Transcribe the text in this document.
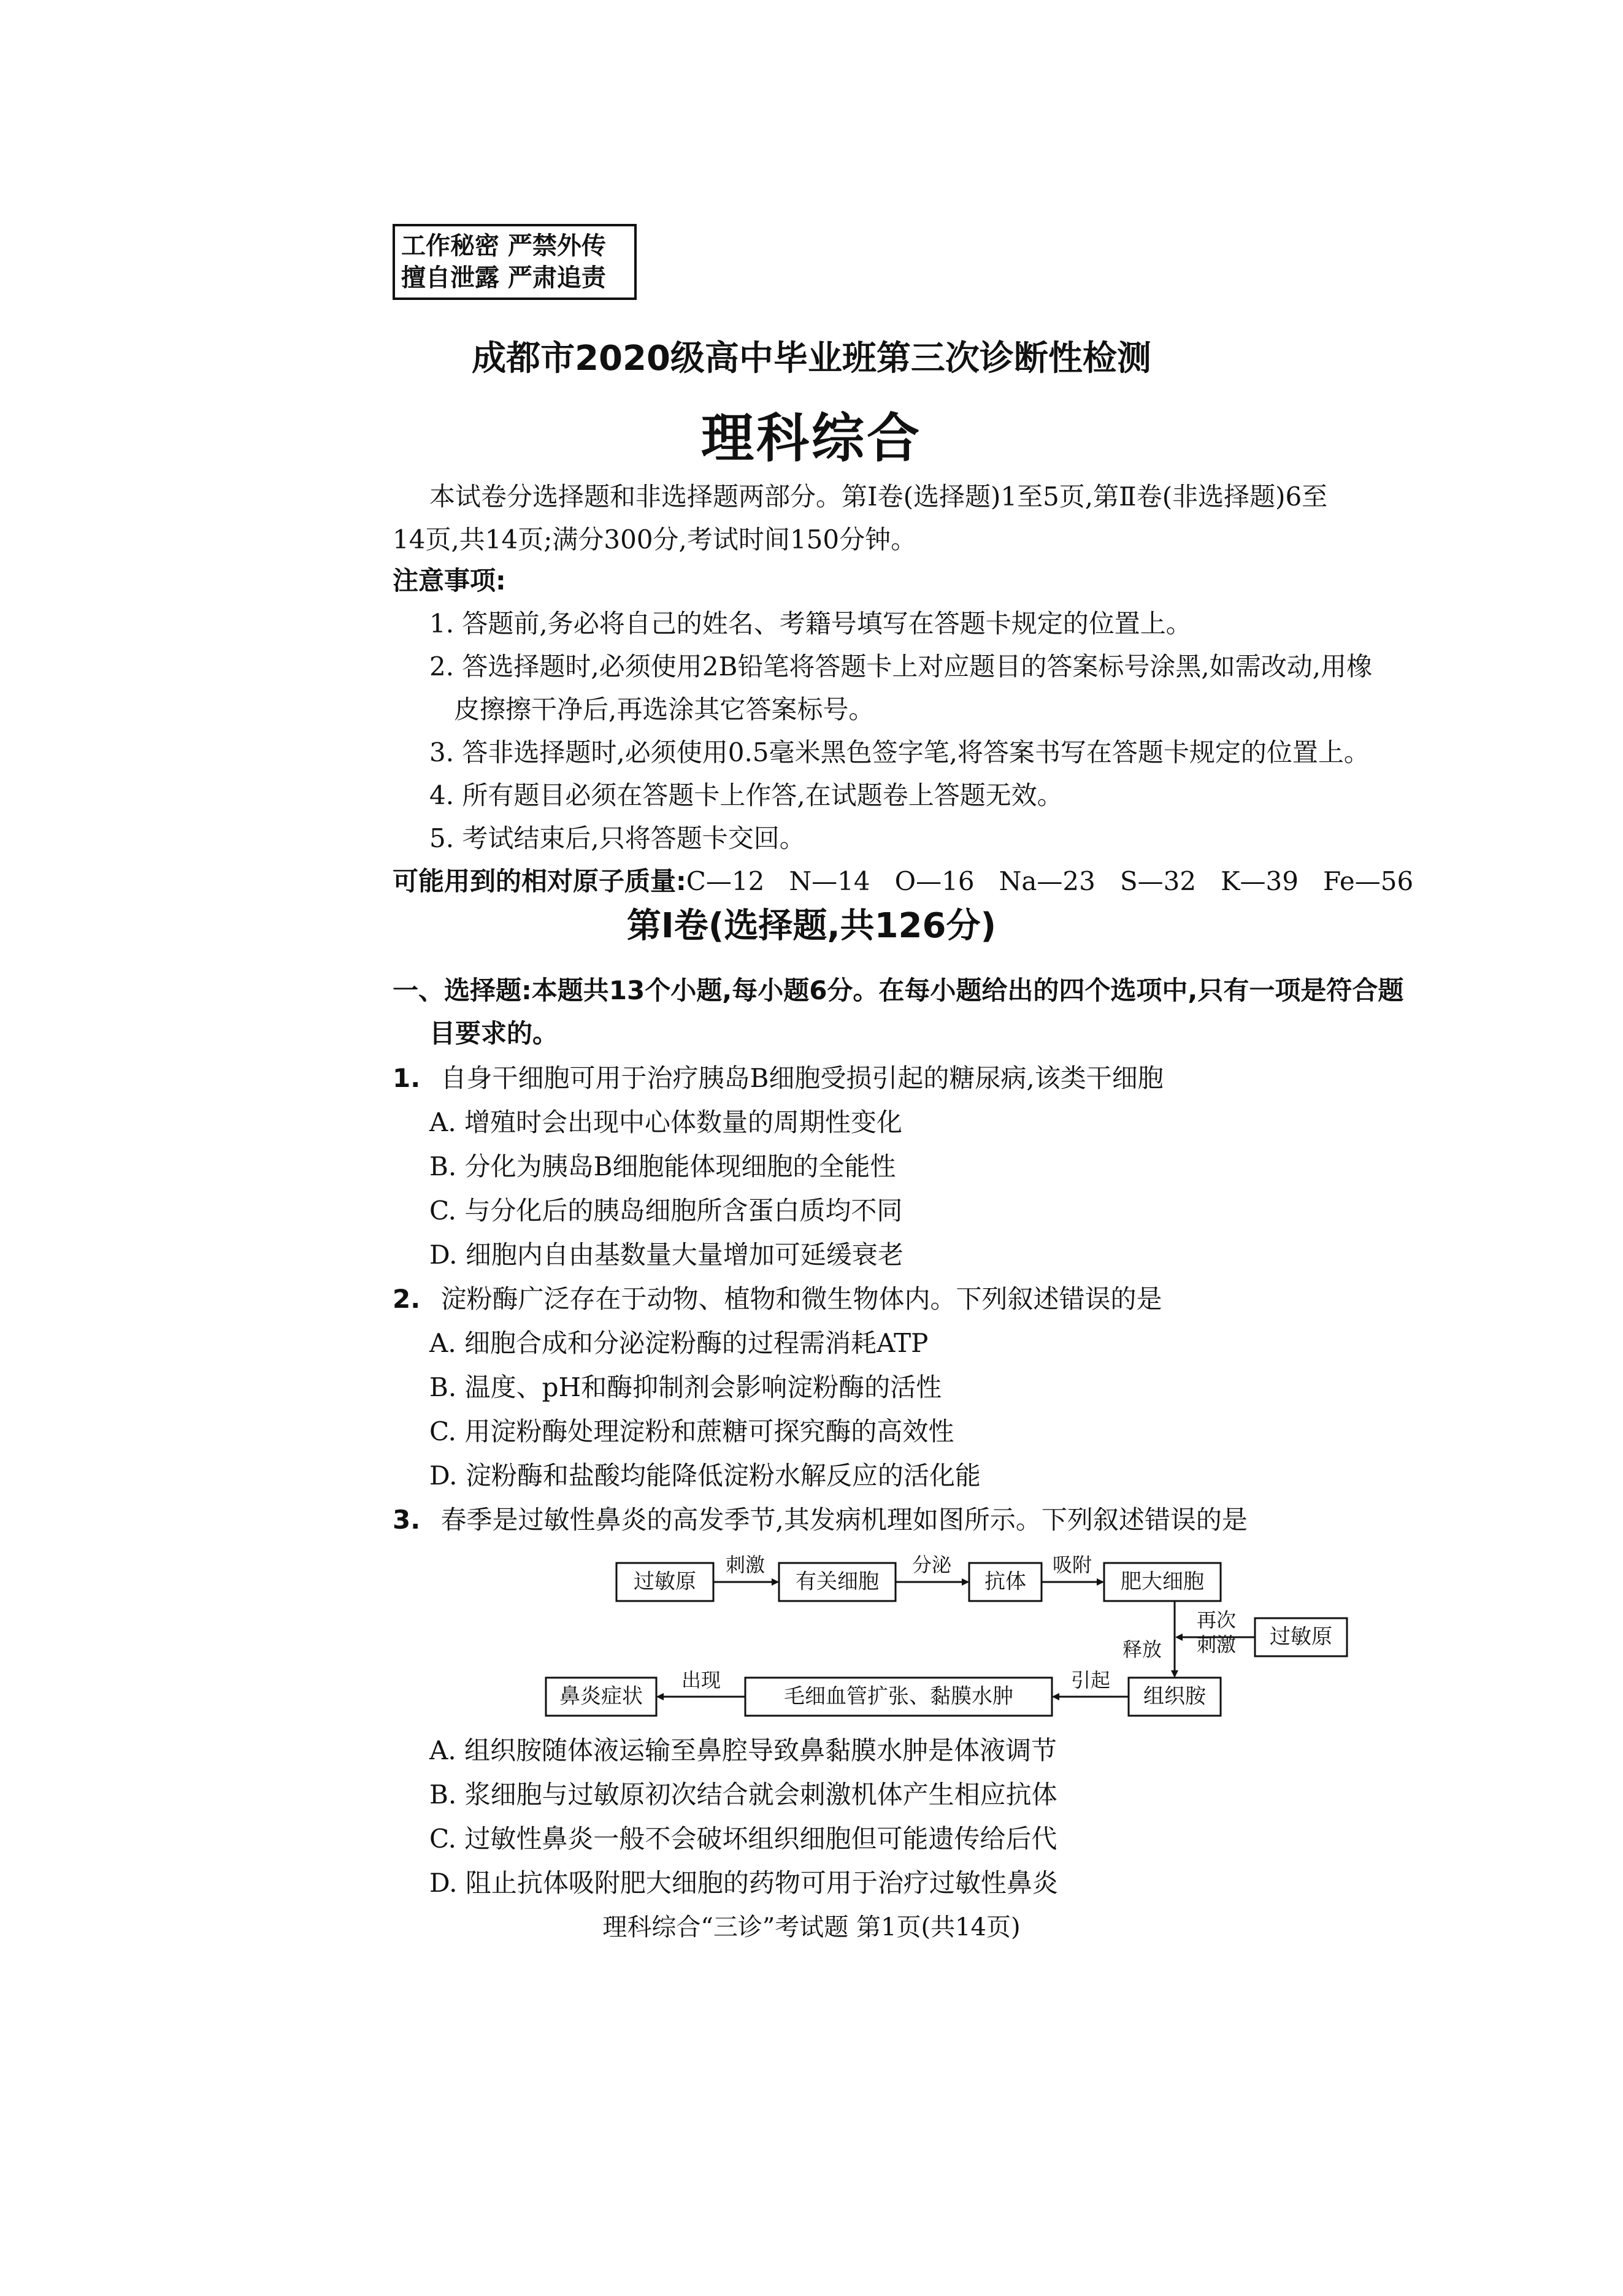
工作秘密 严禁外传
擅自泄露 严肃追责
成都市2020级高中毕业班第三次诊断性检测
理科综合
本试卷分选择题和非选择题两部分。第Ⅰ卷(选择题)1至5页,第Ⅱ卷(非选择题)6至
14页,共14页;满分300分,考试时间150分钟。
注意事项:
1. 答题前,务必将自己的姓名、考籍号填写在答题卡规定的位置上。
2. 答选择题时,必须使用2B铅笔将答题卡上对应题目的答案标号涂黑,如需改动,用橡
皮擦擦干净后,再选涂其它答案标号。
3. 答非选择题时,必须使用0.5毫米黑色签字笔,将答案书写在答题卡规定的位置上。
4. 所有题目必须在答题卡上作答,在试题卷上答题无效。
5. 考试结束后,只将答题卡交回。
可能用到的相对原子质量:C—12   N—14   O—16   Na—23   S—32   K—39   Fe—56
第Ⅰ卷(选择题,共126分)
一、选择题:本题共13个小题,每小题6分。在每小题给出的四个选项中,只有一项是符合题
目要求的。
1. 自身干细胞可用于治疗胰岛B细胞受损引起的糖尿病,该类干细胞
A. 增殖时会出现中心体数量的周期性变化
B. 分化为胰岛B细胞能体现细胞的全能性
C. 与分化后的胰岛细胞所含蛋白质均不同
D. 细胞内自由基数量大量增加可延缓衰老
2. 淀粉酶广泛存在于动物、植物和微生物体内。下列叙述错误的是
A. 细胞合成和分泌淀粉酶的过程需消耗ATP
B. 温度、pH和酶抑制剂会影响淀粉酶的活性
C. 用淀粉酶处理淀粉和蔗糖可探究酶的高效性
D. 淀粉酶和盐酸均能降低淀粉水解反应的活化能
3. 春季是过敏性鼻炎的高发季节,其发病机理如图所示。下列叙述错误的是
过敏原	有关细胞	抗体	肥大细胞
过敏原
组织胺
毛细血管扩张、黏膜水肿
鼻炎症状
刺激	分泌	吸附
再次
刺激
释放
引起
出现
A. 组织胺随体液运输至鼻腔导致鼻黏膜水肿是体液调节
B. 浆细胞与过敏原初次结合就会刺激机体产生相应抗体
C. 过敏性鼻炎一般不会破坏组织细胞但可能遗传给后代
D. 阻止抗体吸附肥大细胞的药物可用于治疗过敏性鼻炎
理科综合“三诊”考试题 第1页(共14页)
